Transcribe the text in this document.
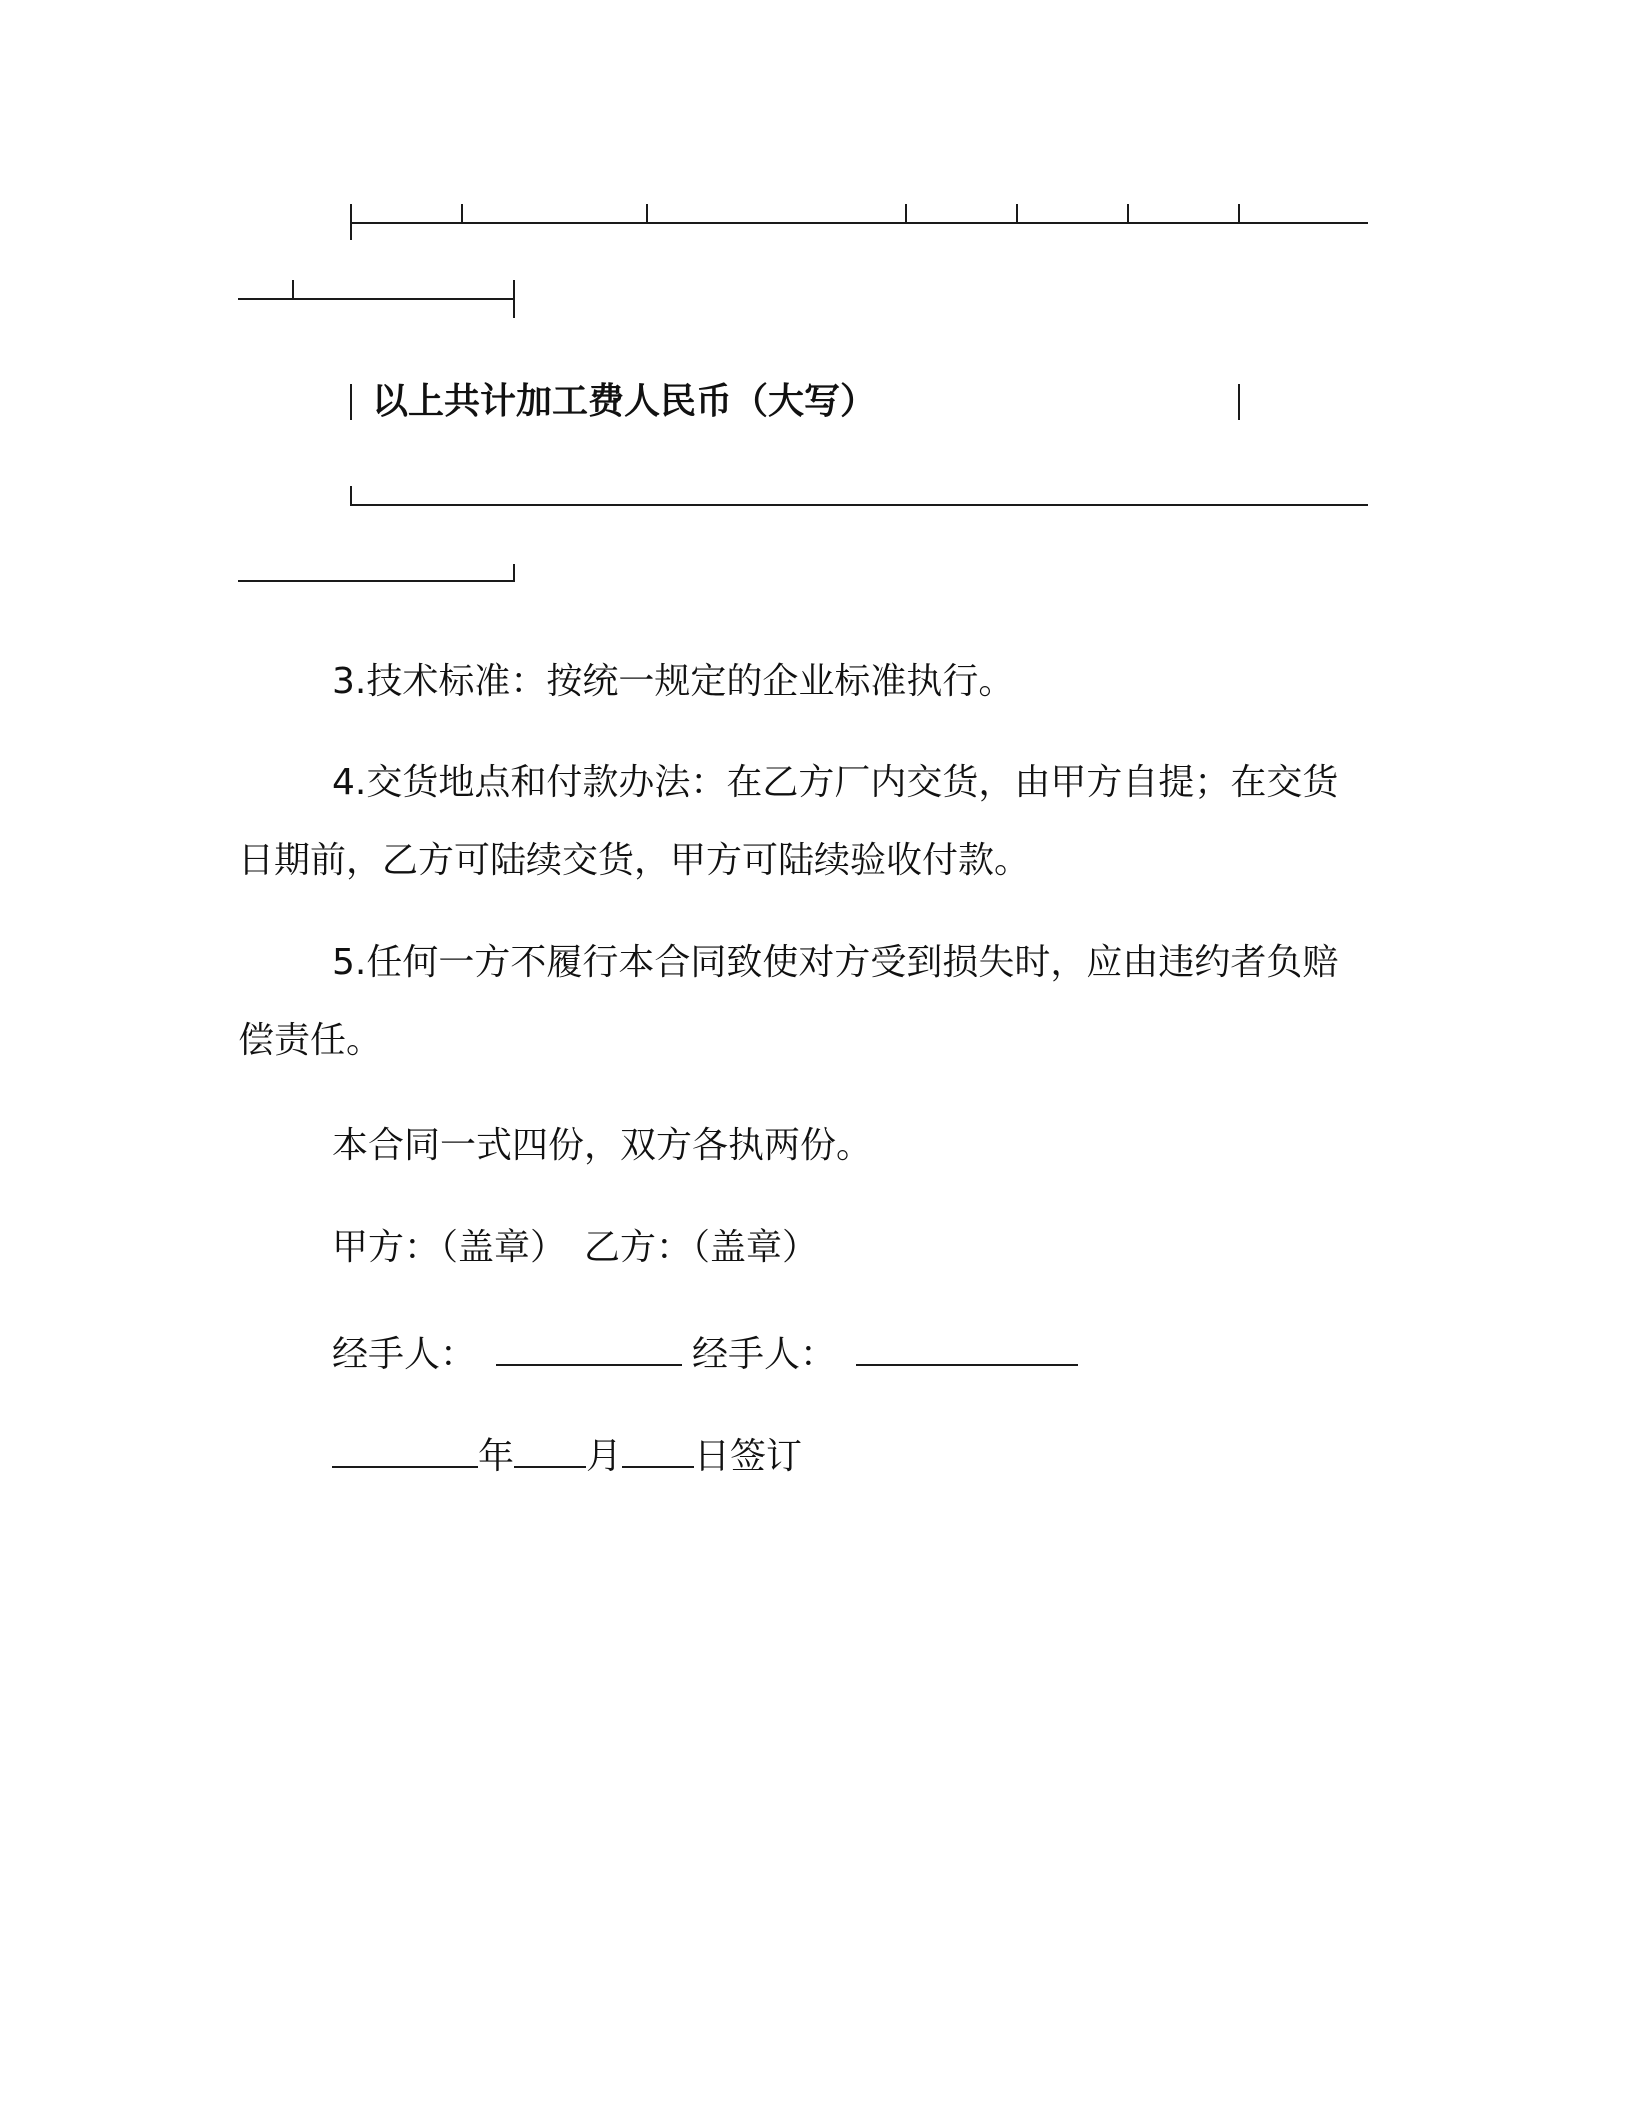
以上共计加工费人民币（大写）
3.技术标准：按统一规定的企业标准执行。
4.交货地点和付款办法：在乙方厂内交货，由甲方自提；在交货日期前，乙方可陆续交货，甲方可陆续验收付款。
5.任何一方不履行本合同致使对方受到损失时，应由违约者负赔偿责任。
本合同一式四份，双方各执两份。
甲方：（盖章） 乙方：（盖章）
经手人：	经手人：
年 月 日签订
